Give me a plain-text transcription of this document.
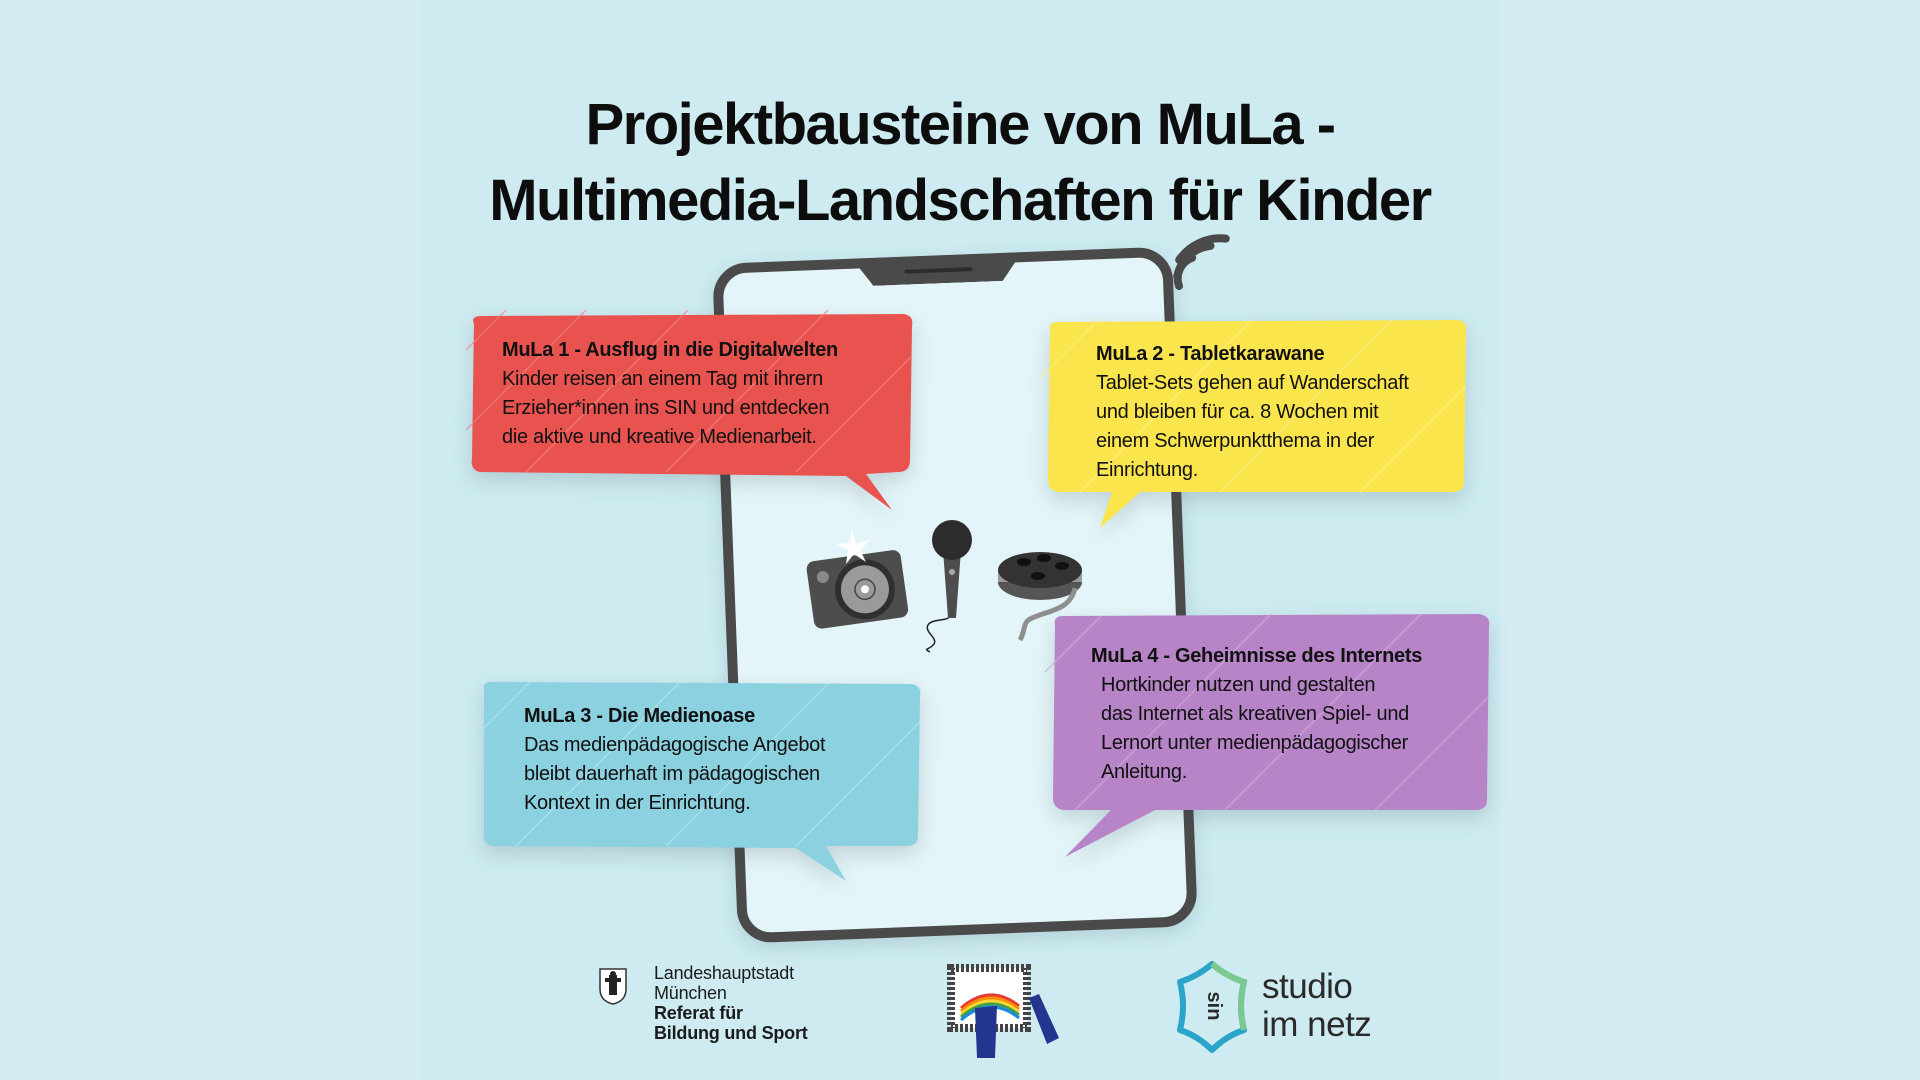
Projektbausteine von MuLa -
Multimedia-Landschaften für Kinder
MuLa 1 - Ausflug in die Digitalwelten

Kinder reisen an einem Tag mit ihrern

Erzieher*innen ins SIN und entdecken

die aktive und kreative Medienarbeit.

MuLa 2 - Tabletkarawane

Tablet-Sets gehen auf Wanderschaft

und bleiben für ca. 8 Wochen mit

einem Schwerpunktthema in der

Einrichtung.

MuLa 3 - Die Medienoase

Das medienpädagogische Angebot

bleibt dauerhaft im pädagogischen

Kontext in der Einrichtung.

MuLa 4 - Geheimnisse des Internets

Hortkinder nutzen und gestalten

das Internet als kreativen Spiel- und

Lernort unter medienpädagogischer

Anleitung.

Landeshauptstadt
München
Referat für
Bildung und Sport
sin studio
im netz
